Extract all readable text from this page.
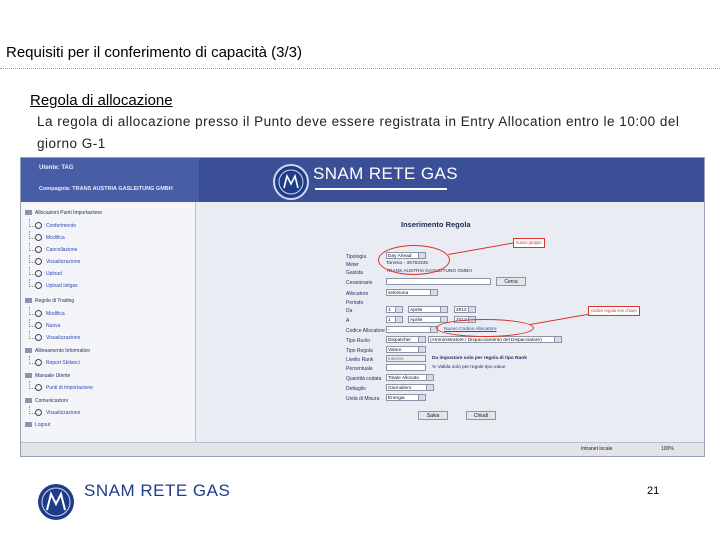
Requisiti per il conferimento di capacità (3/3)
Regola di allocazione
La regola di allocazione presso il Punto deve essere registrata in Entry Allocation entro le 10:00 del giorno G-1
Utente: TAG
Compagnia: TRANS AUSTRIA GASLEITUNG GMBH
SNAM RETE GAS
Allocazioni Punti Importazione
Conferimento
Modifica
Cancellazione
Visualizzazione
Upload
Upload Istigas
Regole di Trading
Modifica
Nuova
Visualizzazione
Allineamento Informativo
Report Sbilanci
Manuale Utente
Punti di Importazione
Comunicazioni
Visualizzazione
Logout
Inserimento Regola
Tipologia	Day Ahead
Meter	Tarvisio - 35783335
Gasista	TRANS AUSTRIA GASLEITUNG GMBH
Cessionario	Cerca
Allocatore	seleziona
Periodo
Da	1	Aprile	2012
A	1	Aprile	2012
Codice Allocatore -	Nuovo Codice Allocatore
Tipo Ruolo	Dispatcher	(Amministratore / Dispacciamento del Dispacciatore)
Tipo Regola	Valore
Livello Rank	inserire	Da impostare solo per regola di tipo Rank
Percentuale	% Valida solo per regole tipo value
Quantità codata	Totale Allocato
Dettaglio	Giornaliero
Unità di Misura	Energia
Salva	Chiudi
nuovo gruppo
codice regola non chiaro
Intranet locale	100%
SNAM RETE GAS	21
